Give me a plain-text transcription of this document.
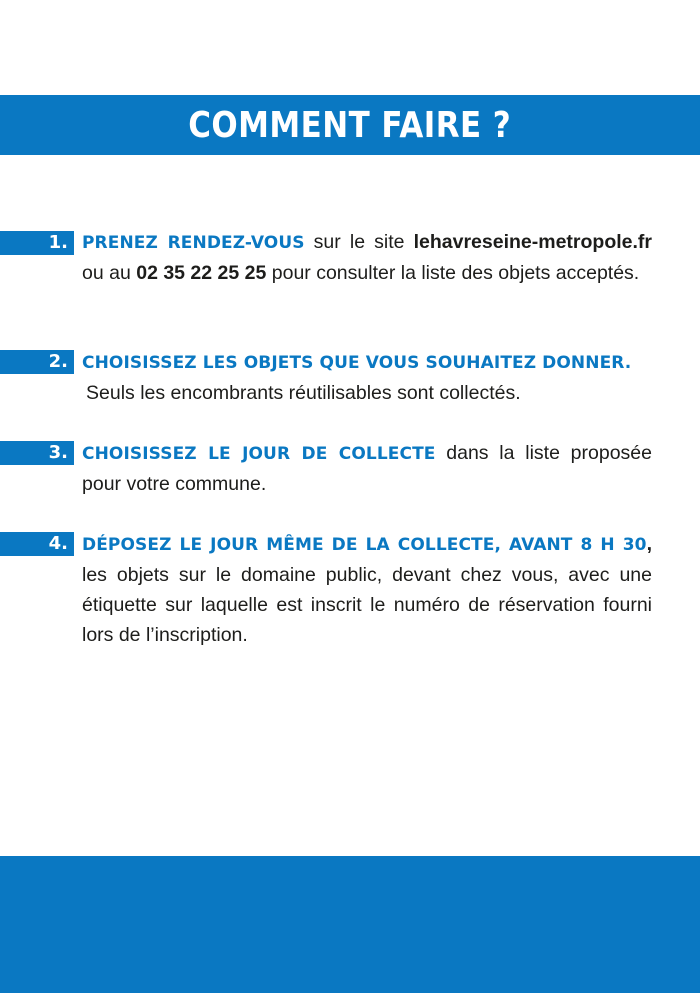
COMMENT FAIRE ?
1. PRENEZ RENDEZ-VOUS sur le site lehavreseine-metropole.fr ou au 02 35 22 25 25 pour consulter la liste des objets acceptés.

2. CHOISISSEZ LES OBJETS QUE VOUS SOUHAITEZ DONNER.
Seuls les encombrants réutilisables sont collectés.

3. CHOISISSEZ LE JOUR DE COLLECTE dans la liste proposée pour votre commune.

4. DÉPOSEZ LE JOUR MÊME DE LA COLLECTE, AVANT 8 H 30, les objets sur le domaine public, devant chez vous, avec une étiquette sur laquelle est inscrit le numéro de réservation fourni lors de l’inscription.
